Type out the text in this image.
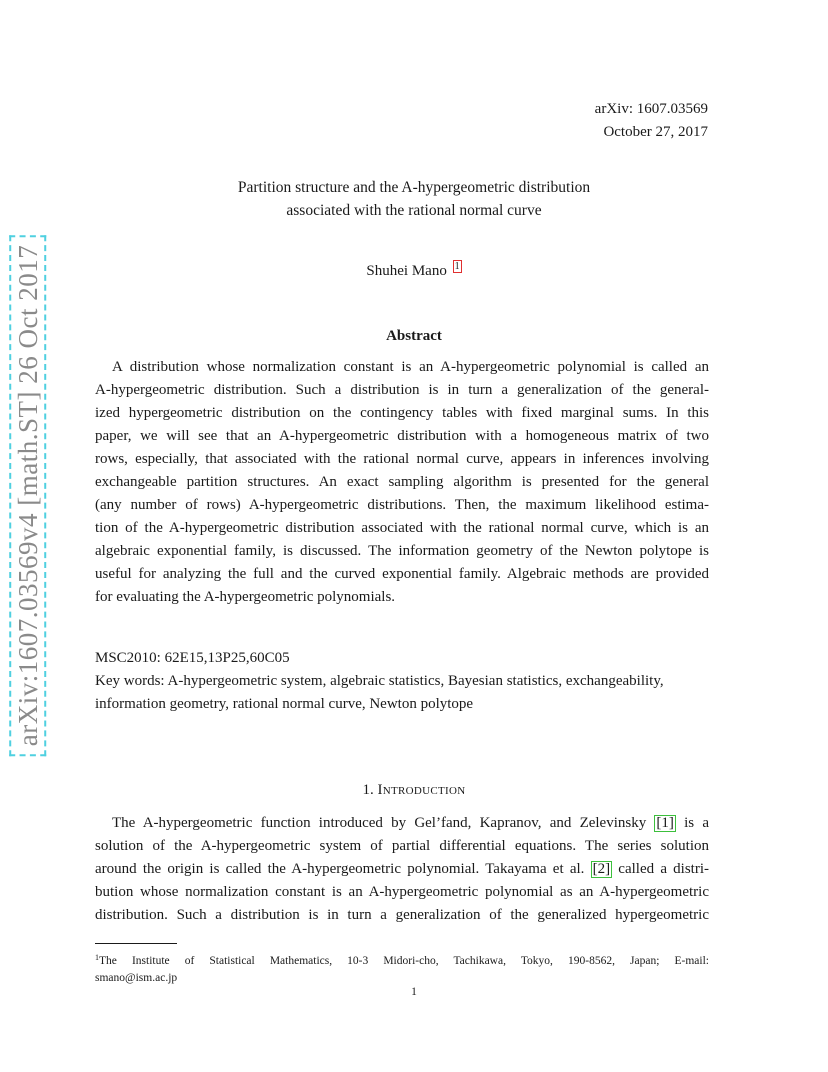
arXiv:1607.03569v4 [math.ST] 26 Oct 2017
arXiv: 1607.03569
October 27, 2017
Partition structure and the A-hypergeometric distribution
associated with the rational normal curve
Shuhei Mano 1
Abstract
A distribution whose normalization constant is an A-hypergeometric polynomial is called an
A-hypergeometric distribution. Such a distribution is in turn a generalization of the general-
ized hypergeometric distribution on the contingency tables with fixed marginal sums. In this
paper, we will see that an A-hypergeometric distribution with a homogeneous matrix of two
rows, especially, that associated with the rational normal curve, appears in inferences involving
exchangeable partition structures. An exact sampling algorithm is presented for the general
(any number of rows) A-hypergeometric distributions. Then, the maximum likelihood estima-
tion of the A-hypergeometric distribution associated with the rational normal curve, which is an
algebraic exponential family, is discussed. The information geometry of the Newton polytope is
useful for analyzing the full and the curved exponential family. Algebraic methods are provided
for evaluating the A-hypergeometric polynomials.
MSC2010: 62E15,13P25,60C05
Key words: A-hypergeometric system, algebraic statistics, Bayesian statistics, exchangeability,
information geometry, rational normal curve, Newton polytope
1. Introduction
The A-hypergeometric function introduced by Gel’fand, Kapranov, and Zelevinsky [1] is a
solution of the A-hypergeometric system of partial differential equations. The series solution
around the origin is called the A-hypergeometric polynomial. Takayama et al. [2] called a distri-
bution whose normalization constant is an A-hypergeometric polynomial as an A-hypergeometric
distribution. Such a distribution is in turn a generalization of the generalized hypergeometric
$^1$The Institute of Statistical Mathematics, 10-3 Midori-cho, Tachikawa, Tokyo, 190-8562, Japan; E-mail:
smano@ism.ac.jp
1
